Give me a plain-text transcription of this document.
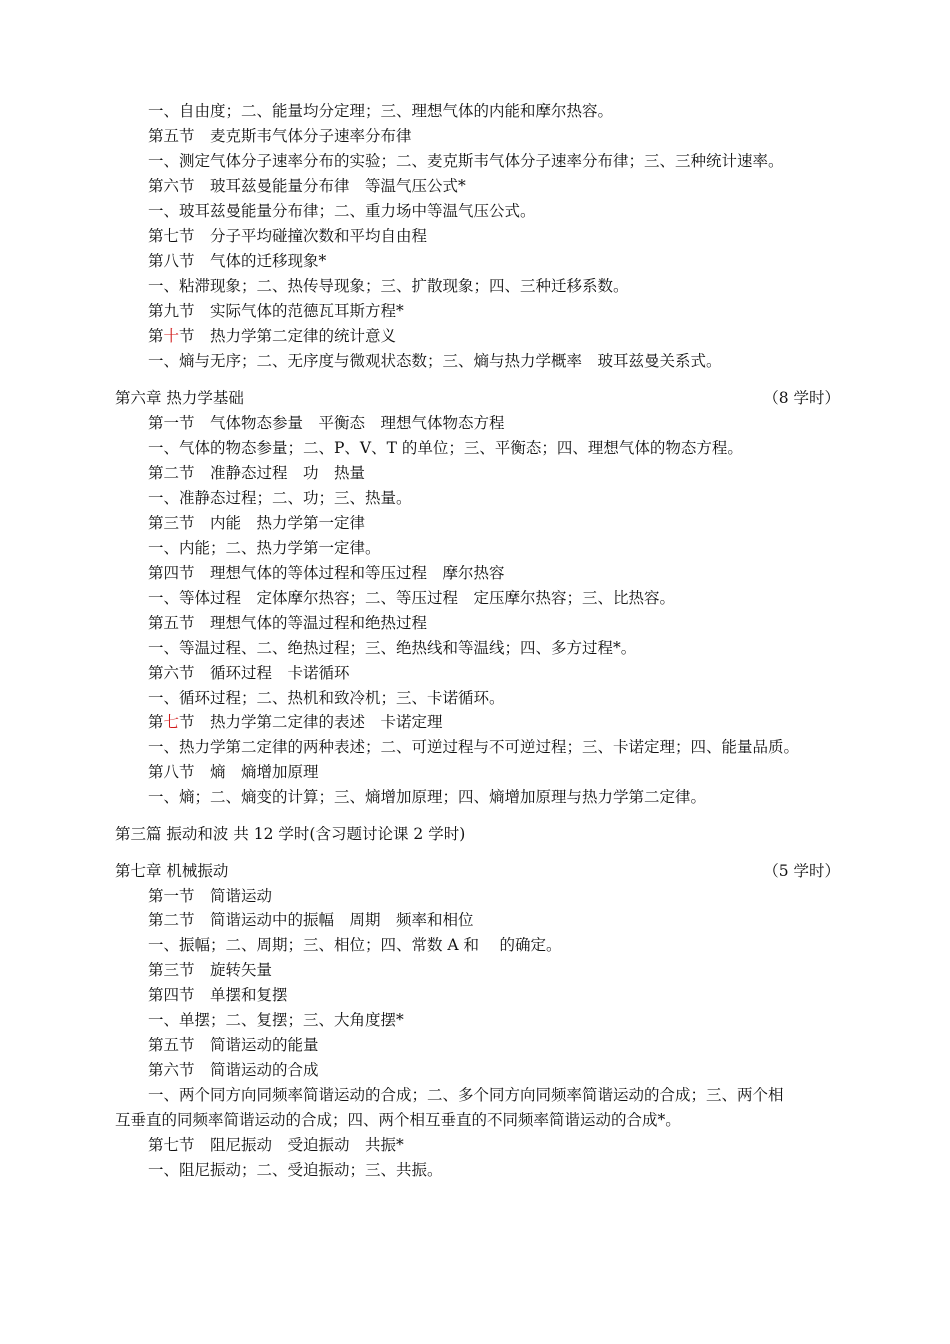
一、自由度；二、能量均分定理；三、理想气体的内能和摩尔热容。
第五节　麦克斯韦气体分子速率分布律
一、测定气体分子速率分布的实验；二、麦克斯韦气体分子速率分布律；三、三种统计速率。
第六节　玻耳兹曼能量分布律　等温气压公式*
一、玻耳兹曼能量分布律；二、重力场中等温气压公式。
第七节　分子平均碰撞次数和平均自由程
第八节　气体的迁移现象*
一、粘滞现象；二、热传导现象；三、扩散现象；四、三种迁移系数。
第九节　实际气体的范德瓦耳斯方程*
第十节　热力学第二定律的统计意义
一、熵与无序；二、无序度与微观状态数；三、熵与热力学概率　玻耳兹曼关系式。
第六章 热力学基础	（8 学时）
第一节　气体物态参量　平衡态　理想气体物态方程
一、气体的物态参量；二、P、V、T 的单位；三、平衡态；四、理想气体的物态方程。
第二节　准静态过程　功　热量
一、准静态过程；二、功；三、热量。
第三节　内能　热力学第一定律
一、内能；二、热力学第一定律。
第四节　理想气体的等体过程和等压过程　摩尔热容
一、等体过程　定体摩尔热容；二、等压过程　定压摩尔热容；三、比热容。
第五节　理想气体的等温过程和绝热过程
一、等温过程、二、绝热过程；三、绝热线和等温线；四、多方过程*。
第六节　循环过程　卡诺循环
一、循环过程；二、热机和致冷机；三、卡诺循环。
第七节　热力学第二定律的表述　卡诺定理
一、热力学第二定律的两种表述；二、可逆过程与不可逆过程；三、卡诺定理；四、能量品质。
第八节　熵　熵增加原理
一、熵；二、熵变的计算；三、熵增加原理；四、熵增加原理与热力学第二定律。
第三篇 振动和波 共 12 学时(含习题讨论课 2 学时)
第七章 机械振动	（5 学时）
第一节　简谐运动
第二节　简谐运动中的振幅　周期　频率和相位
一、振幅；二、周期；三、相位；四、常数 A 和　 的确定。
第三节　旋转矢量
第四节　单摆和复摆
一、单摆；二、复摆；三、大角度摆*
第五节　简谐运动的能量
第六节　简谐运动的合成
一、两个同方向同频率简谐运动的合成；二、多个同方向同频率简谐运动的合成；三、两个相
互垂直的同频率简谐运动的合成；四、两个相互垂直的不同频率简谐运动的合成*。
第七节　阻尼振动　受迫振动　共振*
一、阻尼振动；二、受迫振动；三、共振。
